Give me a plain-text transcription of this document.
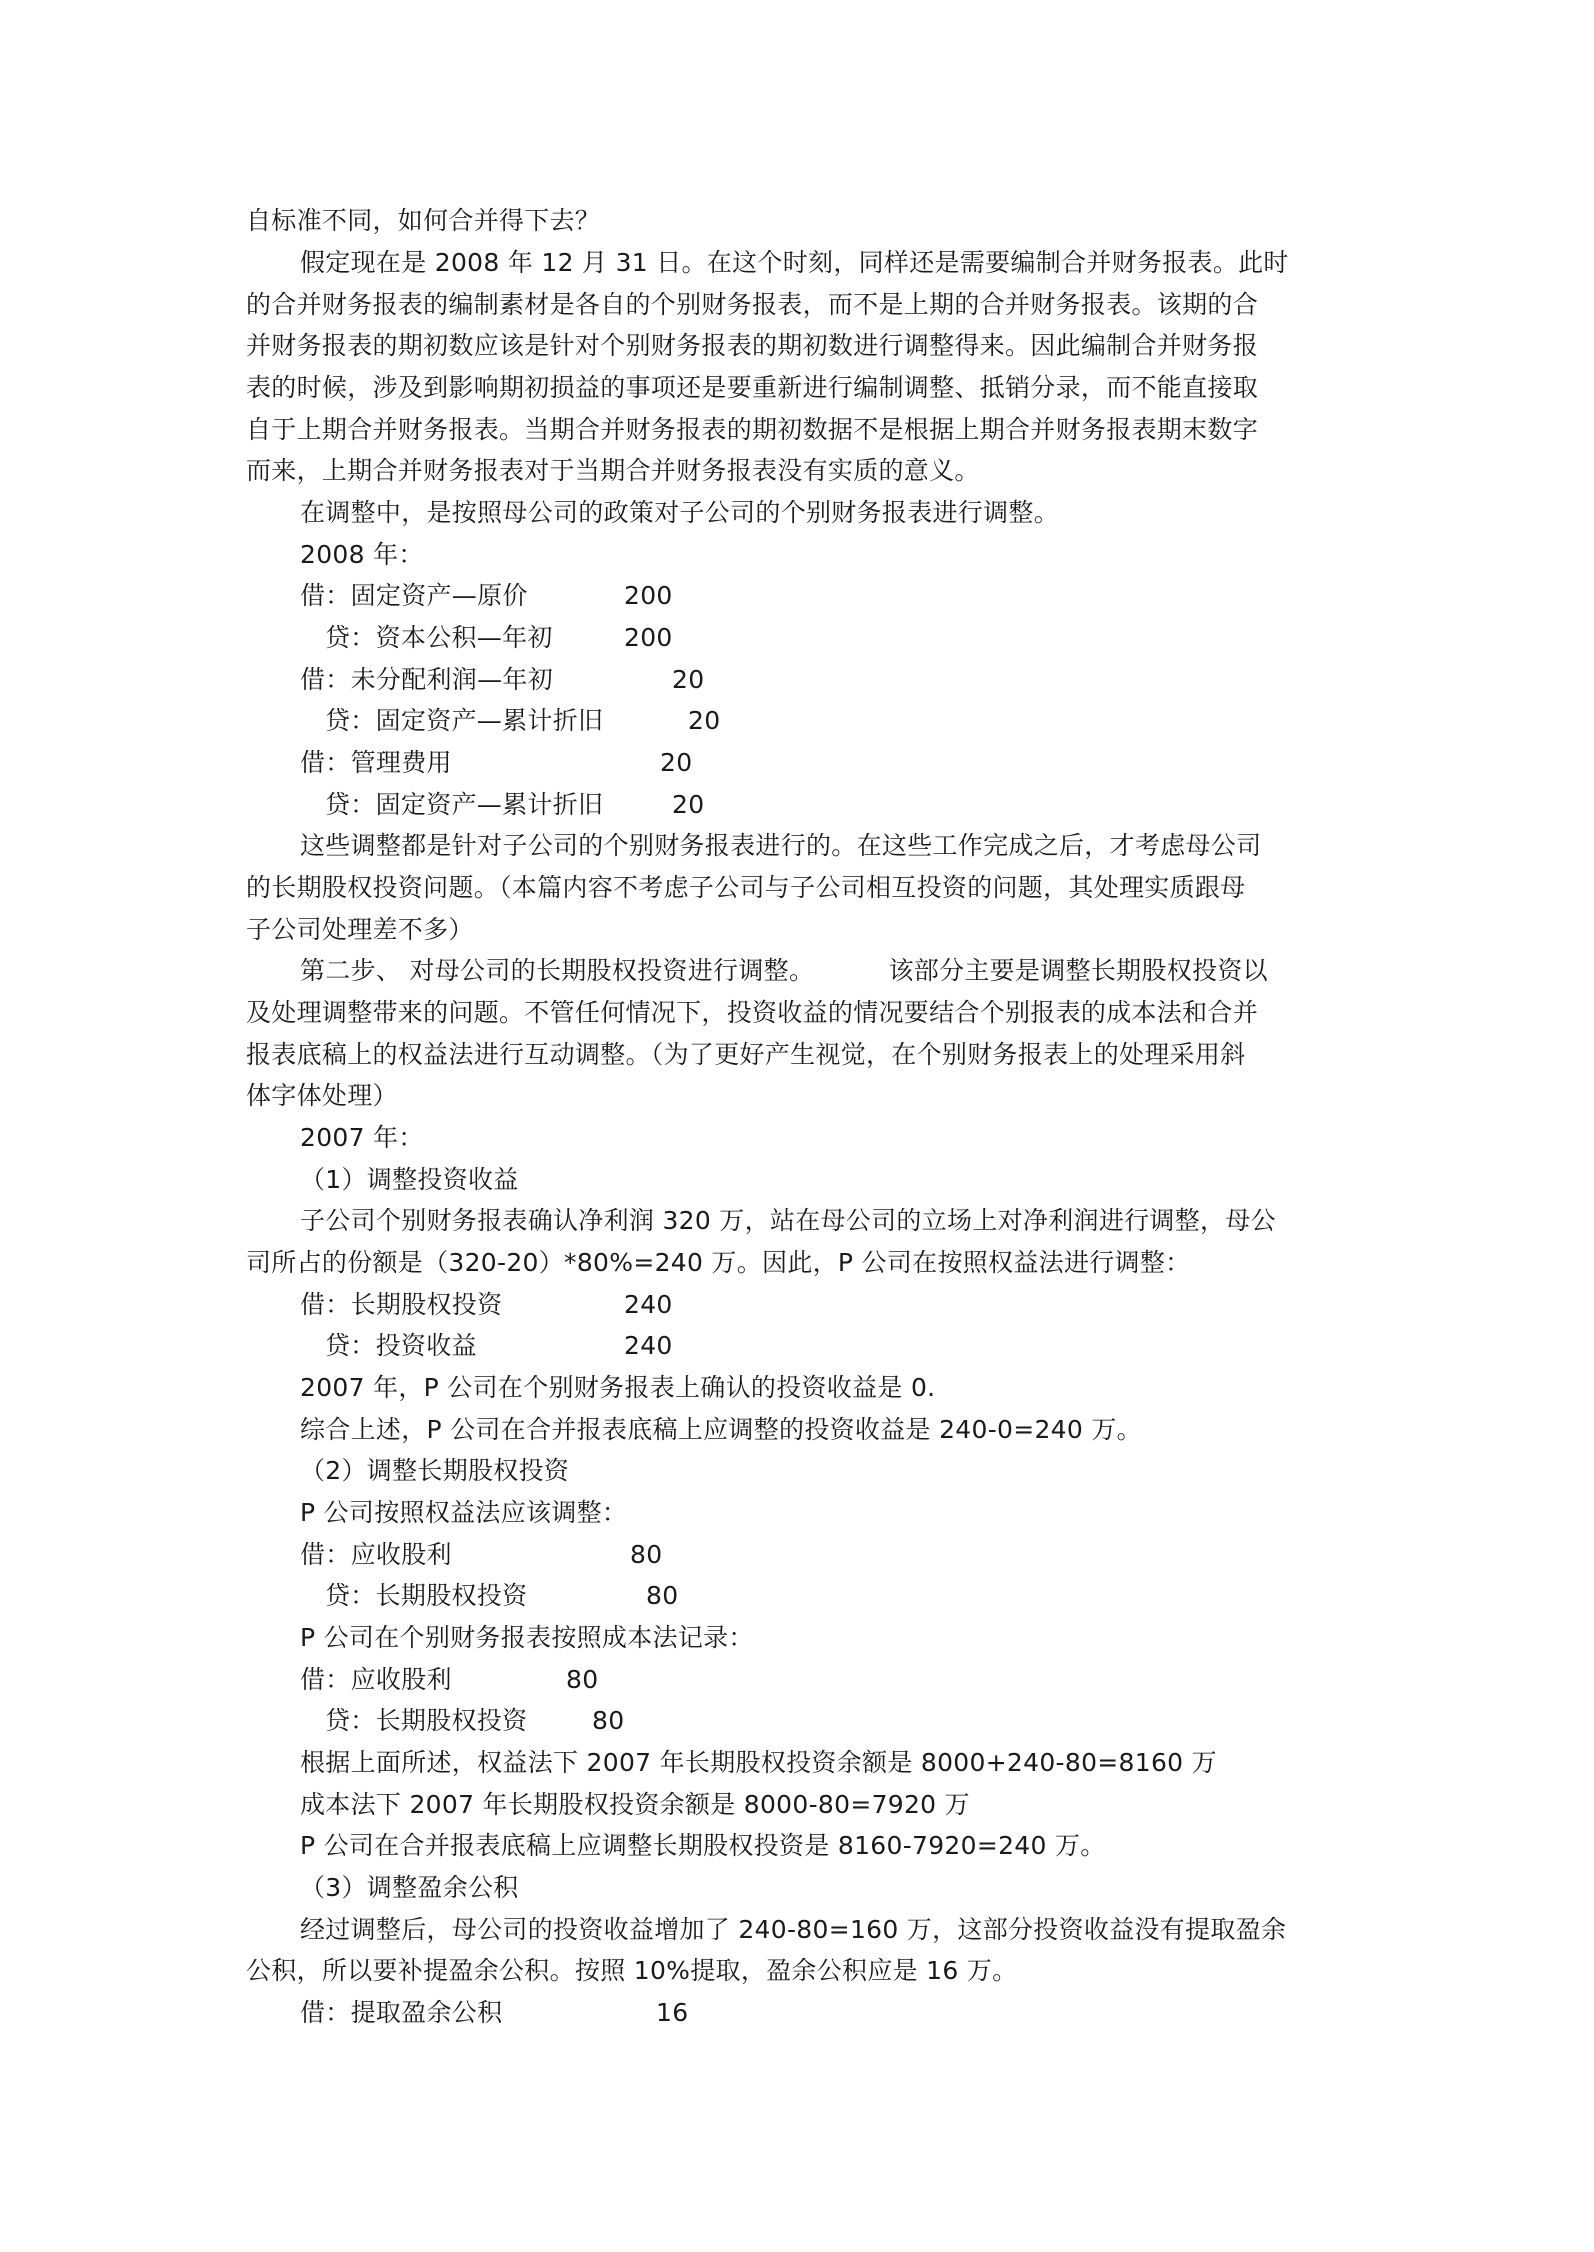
自标准不同，如何合并得下去？
假定现在是 2008 年 12 月 31 日。在这个时刻，同样还是需要编制合并财务报表。此时
的合并财务报表的编制素材是各自的个别财务报表，而不是上期的合并财务报表。该期的合
并财务报表的期初数应该是针对个别财务报表的期初数进行调整得来。因此编制合并财务报
表的时候，涉及到影响期初损益的事项还是要重新进行编制调整、抵销分录，而不能直接取
自于上期合并财务报表。当期合并财务报表的期初数据不是根据上期合并财务报表期末数字
而来，上期合并财务报表对于当期合并财务报表没有实质的意义。
在调整中，是按照母公司的政策对子公司的个别财务报表进行调整。
2008 年：
借：固定资产—原价	200
贷：资本公积—年初	200
借：未分配利润—年初	20
贷：固定资产—累计折旧	20
借：管理费用	20
贷：固定资产—累计折旧	20
这些调整都是针对子公司的个别财务报表进行的。在这些工作完成之后，才考虑母公司
的长期股权投资问题。（本篇内容不考虑子公司与子公司相互投资的问题，其处理实质跟母
子公司处理差不多）
第二步、 对母公司的长期股权投资进行调整。         该部分主要是调整长期股权投资以
及处理调整带来的问题。不管任何情况下，投资收益的情况要结合个别报表的成本法和合并
报表底稿上的权益法进行互动调整。（为了更好产生视觉，在个别财务报表上的处理采用斜
体字体处理）
2007 年：
（1）调整投资收益
子公司个别财务报表确认净利润 320 万，站在母公司的立场上对净利润进行调整，母公
司所占的份额是（320-20）*80%=240 万。因此，P 公司在按照权益法进行调整：
借：长期股权投资	240
贷：投资收益	240
2007 年，P 公司在个别财务报表上确认的投资收益是 0.
综合上述，P 公司在合并报表底稿上应调整的投资收益是 240-0=240 万。
（2）调整长期股权投资
P 公司按照权益法应该调整：
借：应收股利	80
贷：长期股权投资	80
P 公司在个别财务报表按照成本法记录：
借：应收股利	80
贷：长期股权投资	80
根据上面所述，权益法下 2007 年长期股权投资余额是 8000+240-80=8160 万
成本法下 2007 年长期股权投资余额是 8000-80=7920 万
P 公司在合并报表底稿上应调整长期股权投资是 8160-7920=240 万。
（3）调整盈余公积
经过调整后，母公司的投资收益增加了 240-80=160 万，这部分投资收益没有提取盈余
公积，所以要补提盈余公积。按照 10%提取，盈余公积应是 16 万。
借：提取盈余公积	16
